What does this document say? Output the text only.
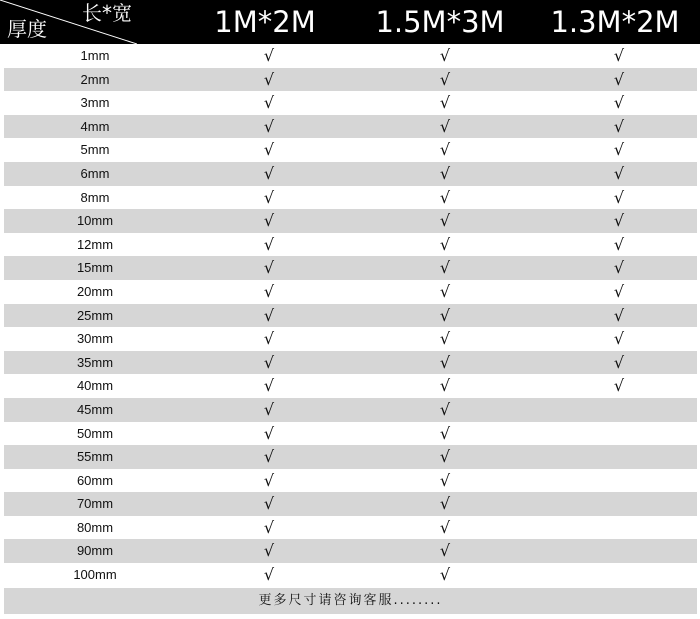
长*宽
厚度	1M*2M	1.5M*3M	1.3M*2M
1mm	√	√	√
2mm	√	√	√
3mm	√	√	√
4mm	√	√	√
5mm	√	√	√
6mm	√	√	√
8mm	√	√	√
10mm	√	√	√
12mm	√	√	√
15mm	√	√	√
20mm	√	√	√
25mm	√	√	√
30mm	√	√	√
35mm	√	√	√
40mm	√	√	√
45mm	√	√
50mm	√	√
55mm	√	√
60mm	√	√
70mm	√	√
80mm	√	√
90mm	√	√
100mm	√	√
更多尺寸请咨询客服........
